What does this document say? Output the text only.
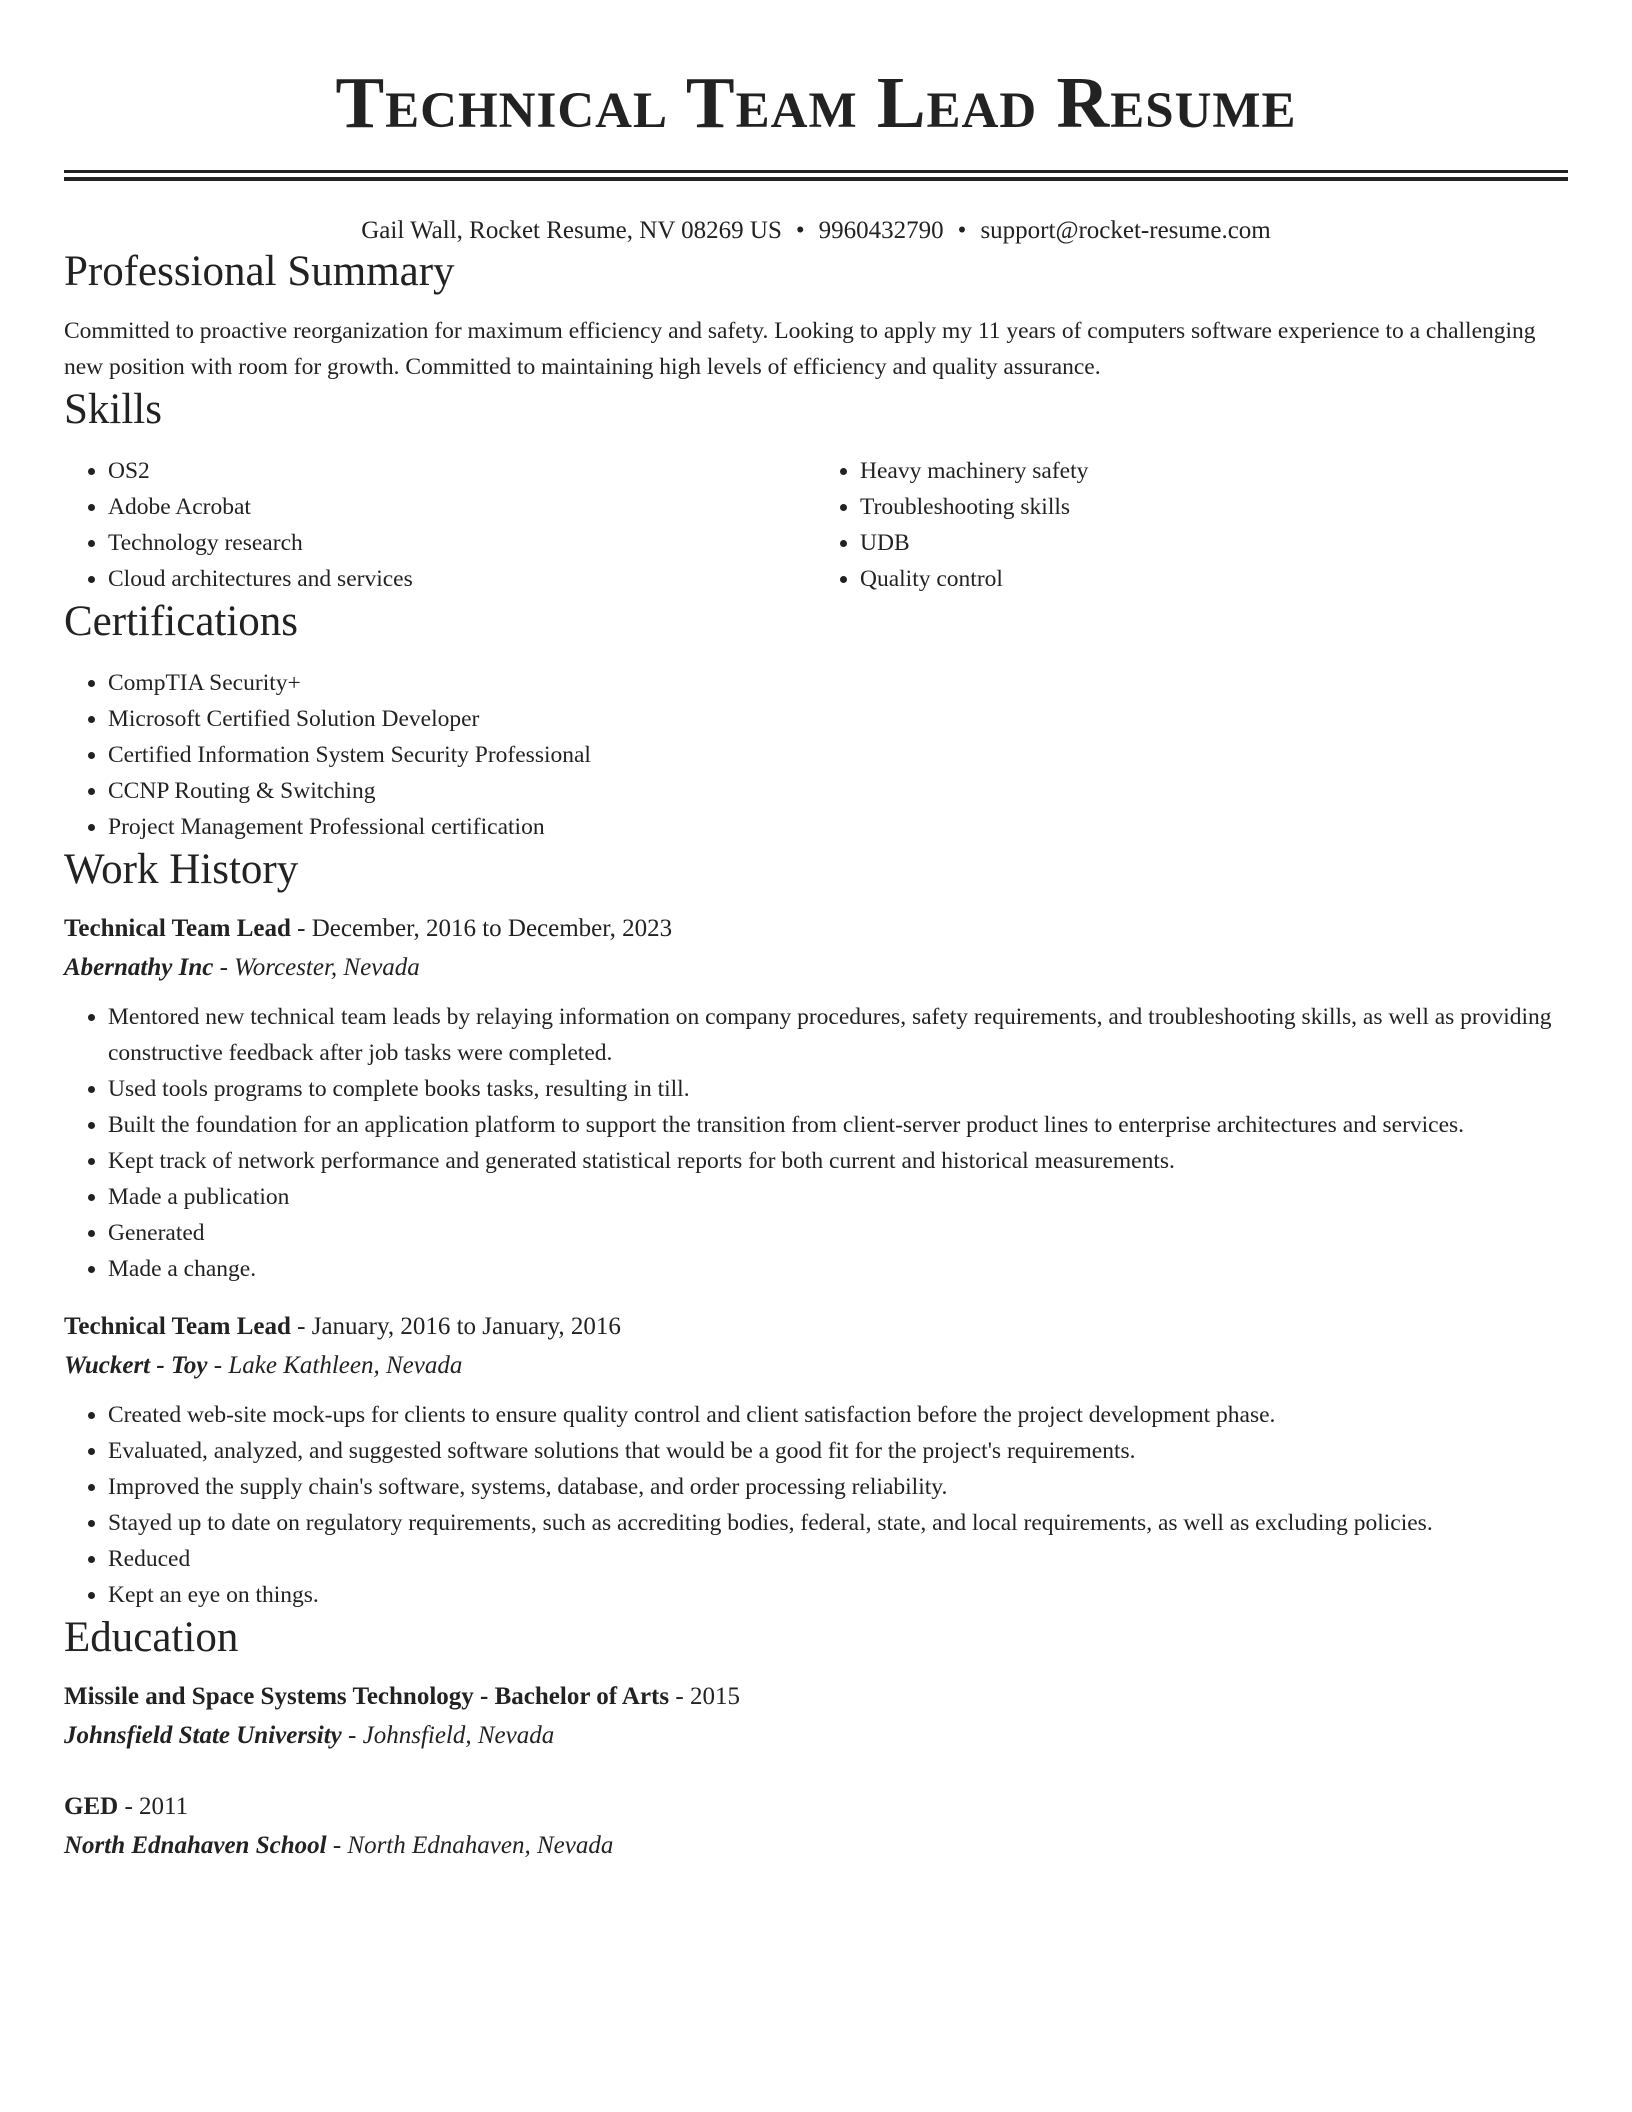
Technical Team Lead Resume
Gail Wall, Rocket Resume, NV 08269 US • 9960432790 • support@rocket-resume.com
Professional Summary

Committed to proactive reorganization for maximum efficiency and safety. Looking to apply my 11 years of computers software experience to a challenging new position with room for growth. Committed to maintaining high levels of efficiency and quality assurance.

Skills
• OS2
• Adobe Acrobat
• Technology research
• Cloud architectures and services
• Heavy machinery safety
• Troubleshooting skills
• UDB
• Quality control
Certifications
• CompTIA Security+
• Microsoft Certified Solution Developer
• Certified Information System Security Professional
• CCNP Routing & Switching
• Project Management Professional certification
Work History
Technical Team Lead - December, 2016 to December, 2023
Abernathy Inc - Worcester, Nevada
• Mentored new technical team leads by relaying information on company procedures, safety requirements, and troubleshooting skills, as well as providing constructive feedback after job tasks were completed.
• Used tools programs to complete books tasks, resulting in till.
• Built the foundation for an application platform to support the transition from client-server product lines to enterprise architectures and services.
• Kept track of network performance and generated statistical reports for both current and historical measurements.
• Made a publication
• Generated
• Made a change.
Technical Team Lead - January, 2016 to January, 2016
Wuckert - Toy - Lake Kathleen, Nevada
• Created web-site mock-ups for clients to ensure quality control and client satisfaction before the project development phase.
• Evaluated, analyzed, and suggested software solutions that would be a good fit for the project's requirements.
• Improved the supply chain's software, systems, database, and order processing reliability.
• Stayed up to date on regulatory requirements, such as accrediting bodies, federal, state, and local requirements, as well as excluding policies.
• Reduced
• Kept an eye on things.
Education
Missile and Space Systems Technology - Bachelor of Arts - 2015
Johnsfield State University - Johnsfield, Nevada
GED - 2011
North Ednahaven School - North Ednahaven, Nevada
